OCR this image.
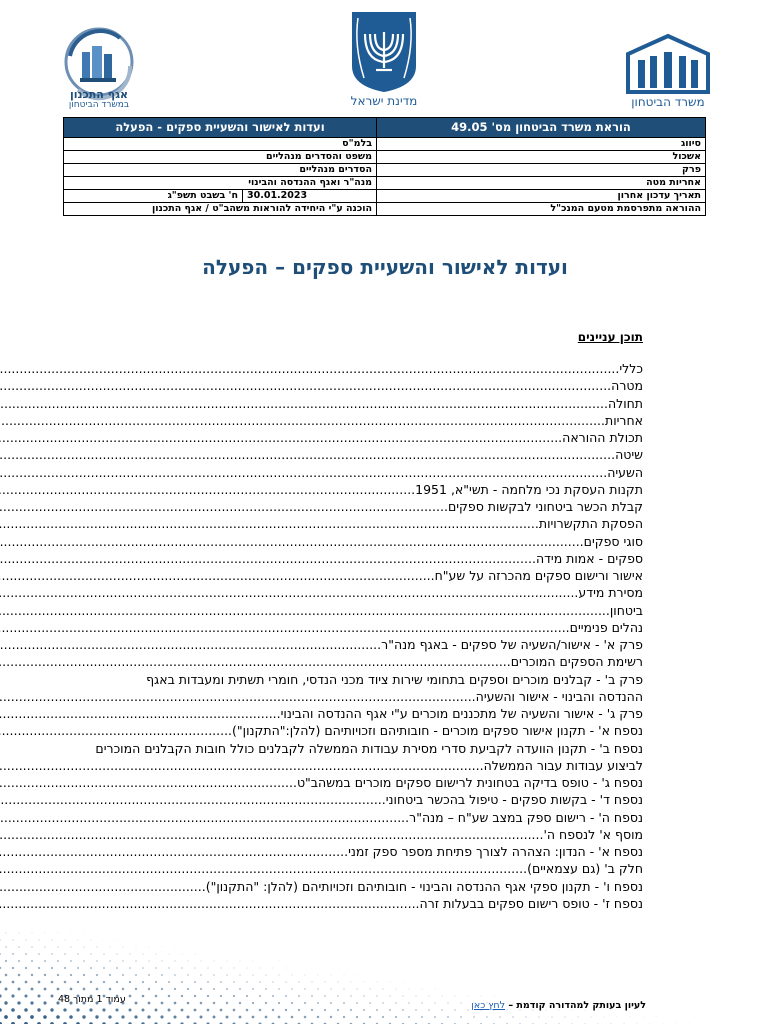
אגף התכנון
במשרד הביטחון	מדינת ישראל	משרד הביטחון
הוראת משרד הביטחון מס' 49.05	ועדות לאישור והשעיית ספקים - הפעלה	
סיווג	בלמ"ס	
אשכול	משפט והסדרים מנהליים	
פרק	הסדרים מנהליים	
אחריות מטה	מנה"ר ואגף ההנדסה והבינוי	
תאריך עדכון אחרון	30.01.2023	ח' בשבט תשפ"ג
ההוראה מתפרסמת מטעם המנכ"ל	הוכנה ע"י היחידה להוראות משהב"ט / אגף התכנון	
ועדות לאישור והשעיית ספקים – הפעלה
תוכן עניינים
כללי
.....
מטרה
.....
תחולה
.....
אחריות
.....
תכולת ההוראה
.....
שיטה
.....
השעיה
.....
תקנות העסקת נכי מלחמה - תשי"א, 1951
.....
קבלת הכשר ביטחוני לבקשות ספקים
.....
הפסקת התקשרויות
.....
סוגי ספקים
.....
ספקים - אמות מידה
.....
אישור ורישום ספקים מהכרזה על שע"ח
.....
מסירת מידע
.....
ביטחון
.....
נהלים פנימיים
.....
פרק א' - אישור/השעיה של ספקים - באגף מנה"ר
.....
רשימת הספקים המוכרים
.....
פרק ב' - קבלנים מוכרים וספקים בתחומי שירות ציוד מכני הנדסי, חומרי תשתית ומעבדות באגף
ההנדסה והבינוי - אישור והשעיה
.....
פרק ג' - אישור והשעיה של מתכננים מוכרים ע"י אגף ההנדסה והבינוי
.....
נספח א' - תקנון אישור ספקים מוכרים - חובותיהם וזכויותיהם (להלן:"התקנון")
.....
נספח ב' - תקנון הוועדה לקביעת סדרי מסירת עבודות הממשלה לקבלנים כולל חובות הקבלנים המוכרים
לביצוע עבודות עבור הממשלה
.....
נספח ג' - טופס בדיקה בטחונית לרישום ספקים מוכרים במשהב"ט
.....
נספח ד' - בקשות ספקים - טיפול בהכשר ביטחוני
.....
נספח ה' - רישום ספק במצב שע"ח – מנה"ר
.....
מוסף א' לנספח ה'
.....
נספח א' - הנדון: הצהרה לצורך פתיחת מספר ספק זמני
.....
חלק ב' (גם עצמאיים)
.....
נספח ו' - תקנון ספקי אגף ההנדסה והבינוי - חובותיהם וזכויותיהם (להלן: "התקנון")
.....
נספח ז' - טופס רישום ספקים בבעלות זרה
.....
עמוד 1 מתוך 48
לעיון בעותק למהדורה קודמת – לחץ כאן
